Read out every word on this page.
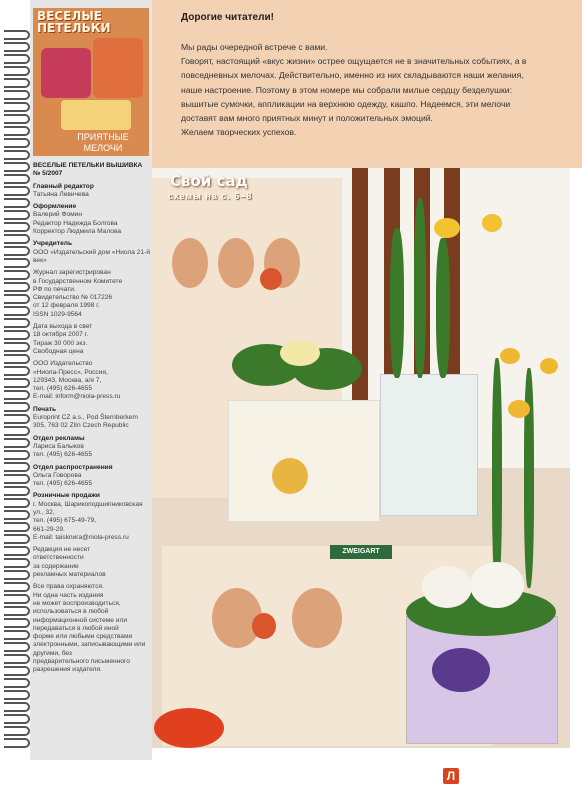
ВЕСЕЛЫЕ ПЕТЕЛЬКИ
ПРИЯТНЫЕ МЕЛОЧИ
ВЕСЕЛЫЕ ПЕТЕЛЬКИ ВЫШИВКА № 5/2007
Главный редактор
Татьяна Левичева
Оформление
Валерий Фомин
Редактор Надежда Болгова
Корректор Людмила Малова
Учредитель
ООО «Издательский дом «Ниола 21-й век»
Журнал зарегистрирован
в Государственном Комитете
РФ по печати.
Свидетельство № 017226
от 12 февраля 1998 г.
ISSN 1029-9564
Дата выхода в свет
18 октября 2007 г.
Тираж 30 000 экз.
Свободная цена
ООО Издательство
«Ниола-Пресс», Россия,
129343, Москва, а/я 7,
тел. (495) 626-4655
E-mail: inform@niola-press.ru
Печать
Europrint CZ a.s., Pod Šternberkem
305, 763 02 Zlín Czech Republic
Отдел рекламы
Лариса Балыков
тел. (495) 626-4655
Отдел распространения
Ольга Говорова
тел. (495) 626-4655
Розничные продажи
г. Москва, Шарикоподшипниковская ул., 32,
тел. (495) 675-49-79,
661-29-29.
E-mail: taisknига@niola-press.ru
Редакция не несет
ответственности
за содержание
рекламных материалов
Все права охраняются.
Ни одна часть издания
не может воспроизводиться,
использоваться в любой
информационной системе или
передаваться в любой иной
форме или любыми средствами
электронными, записывающими или другими, без
предварительного письменного
разрешения издателя.
Дорогие читатели!

Мы рады очередной встрече с вами.

Говорят, настоящий «вкус жизни» острее ощущается не в значительных событиях, а в повседневных мелочах. Действительно, именно из них складываются наши желания, наше настроение. Поэтому в этом номере мы собрали милые сердцу безделушки: вышитые сумочки, аппликации на верхнюю одежду, кашпо. Надеемся, эти мелочи доставят вам много приятных минут и положительных эмоций.

Желаем творческих успехов.

ZWEIGART
Свой сад
схемы на с. 6–8
Л
